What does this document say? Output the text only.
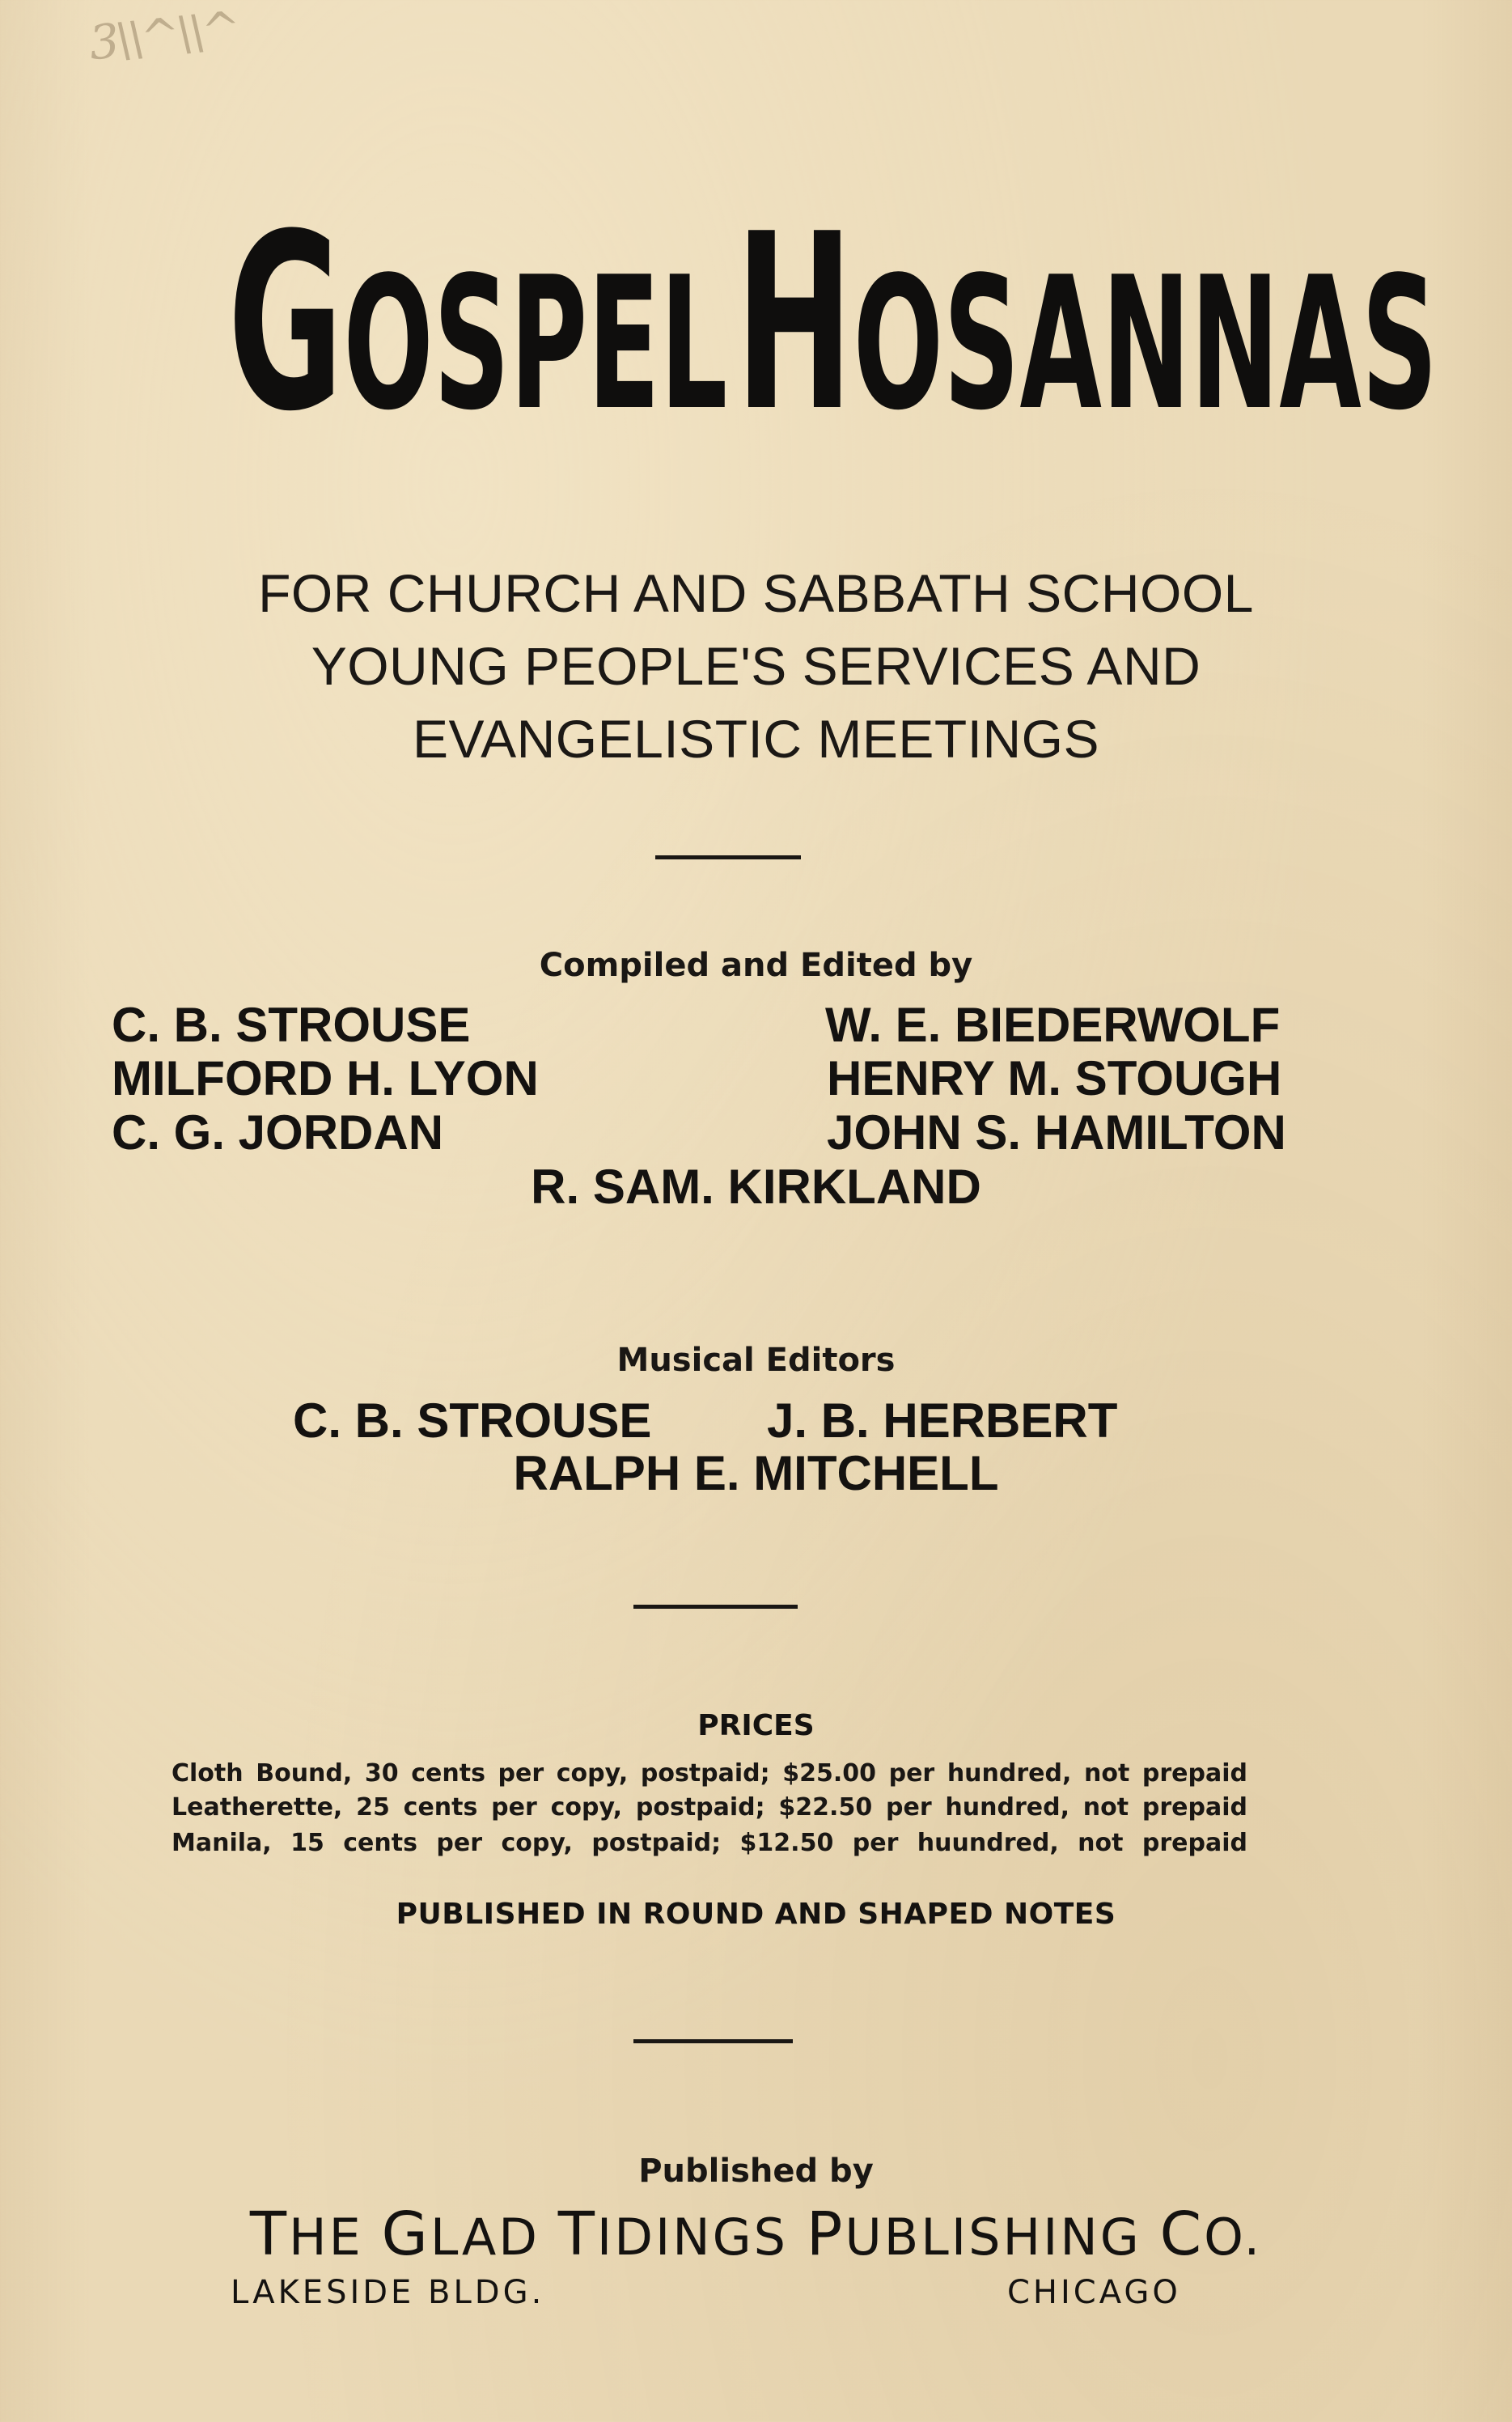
3\\^\\^
GOSPEL   HOSANNAS
FOR CHURCH AND SABBATH SCHOOL
YOUNG PEOPLE'S SERVICES AND
EVANGELISTIC MEETINGS
Compiled and Edited by
C. B. STROUSE
MILFORD H. LYON
C. G. JORDAN
W. E. BIEDERWOLF
HENRY M. STOUGH
JOHN S. HAMILTON
R. SAM. KIRKLAND
Musical Editors
C. B. STROUSE J. B. HERBERT
RALPH E. MITCHELL
PRICES
Cloth Bound, 30 cents per copy, postpaid; $25.00 per hundred, not prepaid
Leatherette, 25 cents per copy, postpaid; $22.50 per hundred, not prepaid
Manila, 15 cents per copy, postpaid; $12.50 per huundred, not prepaid
PUBLISHED IN ROUND AND SHAPED NOTES
Published by
THE GLAD TIDINGS PUBLISHING CO.
LAKESIDE BLDG.	CHICAGO
